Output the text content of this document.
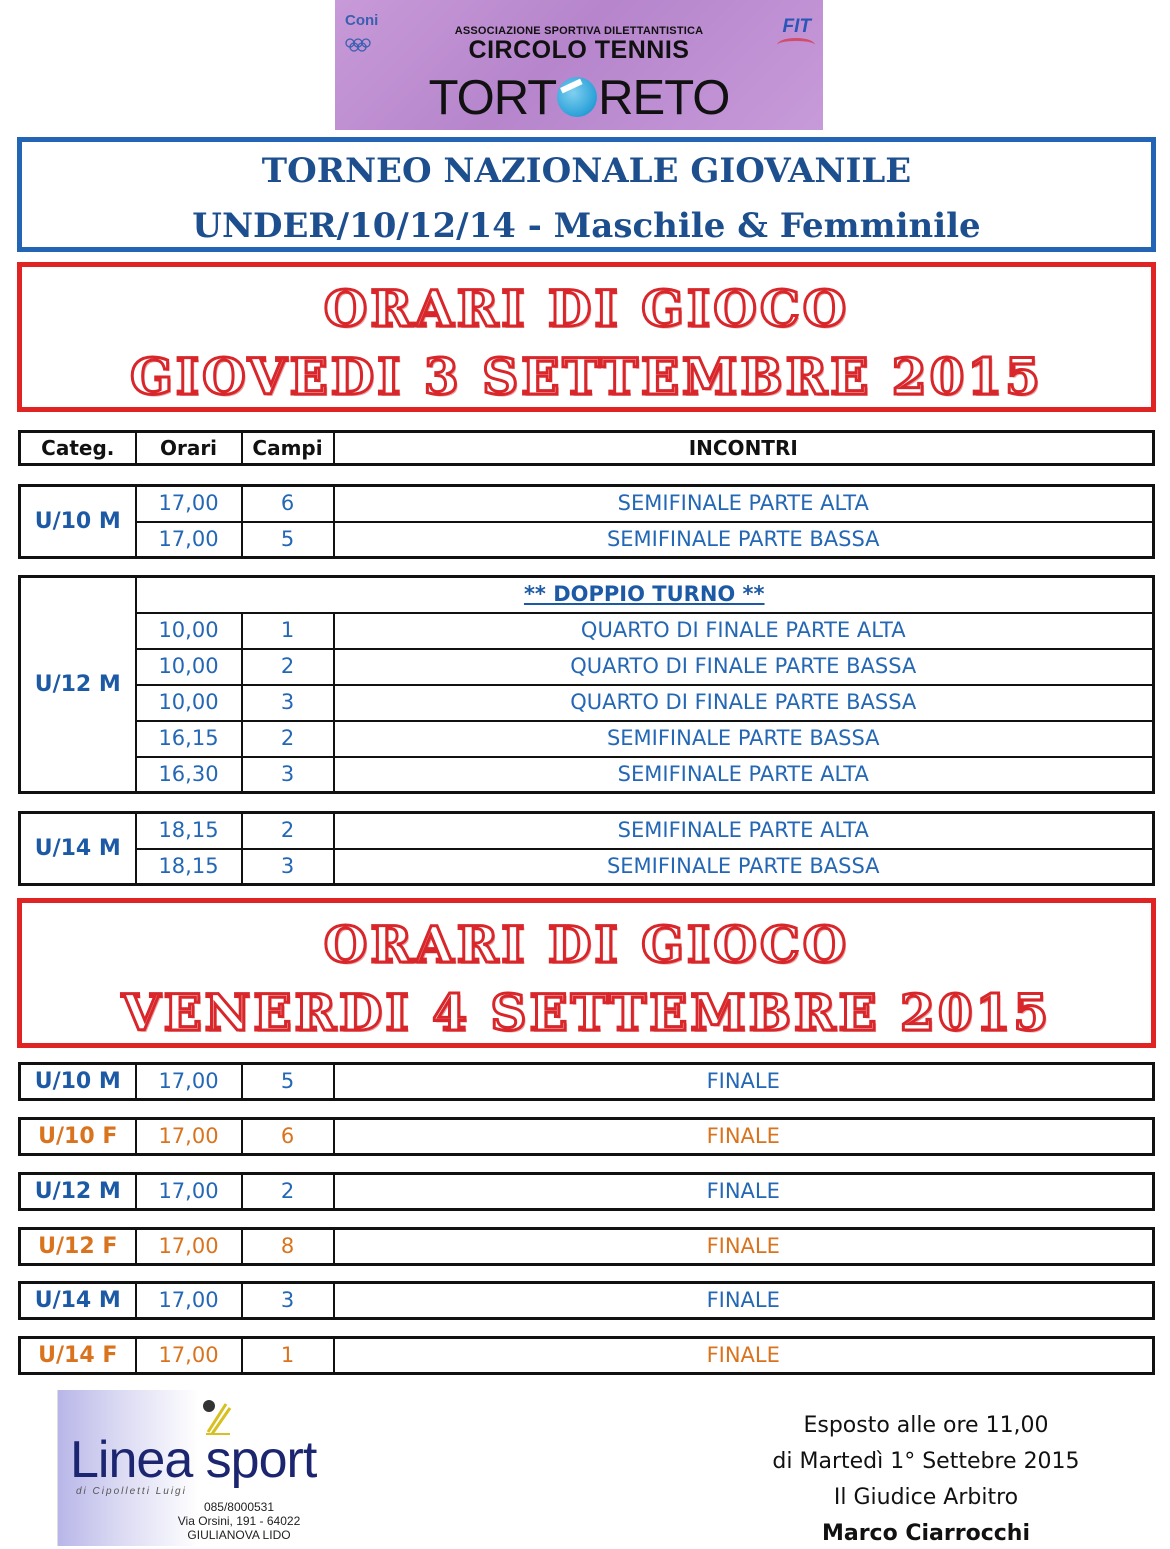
Coni	FIT
ASSOCIAZIONE SPORTIVA DILETTANTISTICA
CIRCOLO TENNIS
TORT RETO
TORNEO NAZIONALE GIOVANILE
UNDER/10/12/14 - Maschile & Femminile
ORARI DI GIOCO
GIOVEDI 3 SETTEMBRE 2015
Categ.	Orari	Campi	INCONTRI
U/10 M	17,00	6	SEMIFINALE PARTE ALTA
	17,00	5	SEMIFINALE PARTE BASSA
U/12 M	** DOPPIO TURNO **		
	10,00	1	QUARTO DI FINALE PARTE ALTA
	10,00	2	QUARTO DI FINALE PARTE BASSA
	10,00	3	QUARTO DI FINALE PARTE BASSA
	16,15	2	SEMIFINALE PARTE BASSA
	16,30	3	SEMIFINALE PARTE ALTA
U/14 M	18,15	2	SEMIFINALE PARTE ALTA
	18,15	3	SEMIFINALE PARTE BASSA
ORARI DI GIOCO
VENERDI 4 SETTEMBRE 2015
U/10 M	17,00	5	FINALE
U/10 F	17,00	6	FINALE
U/12 M	17,00	2	FINALE
U/12 F	17,00	8	FINALE
U/14 M	17,00	3	FINALE
U/14 F	17,00	1	FINALE
Linea sport
di Cipolletti Luigi
085/8000531
Via Orsini, 191 - 64022
GIULIANOVA LIDO
Esposto alle ore 11,00
di Martedì 1° Settebre 2015
Il Giudice Arbitro
Marco Ciarrocchi
